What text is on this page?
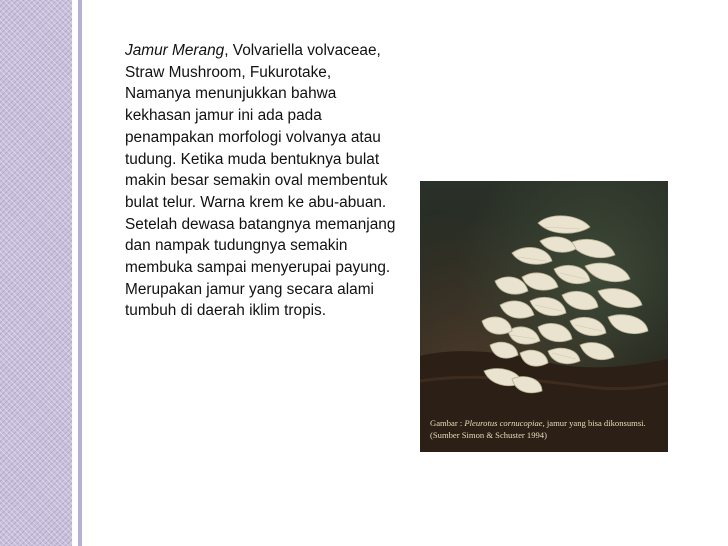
Jamur Merang, Volvariella volvaceae, Straw Mushroom, Fukurotake, Namanya menunjukkan bahwa kekhasan jamur ini ada pada penampakan morfologi volvanya atau tudung. Ketika muda bentuknya bulat makin besar semakin oval membentuk bulat telur. Warna krem ke abu-abuan. Setelah dewasa batangnya memanjang dan nampak tudungnya semakin membuka sampai menyerupai payung. Merupakan jamur yang secara alami tumbuh di daerah iklim tropis.

Gambar : Pleurotus cornucopiae, jamur yang bisa dikonsumsi.
(Sumber Simon & Schuster 1994)
